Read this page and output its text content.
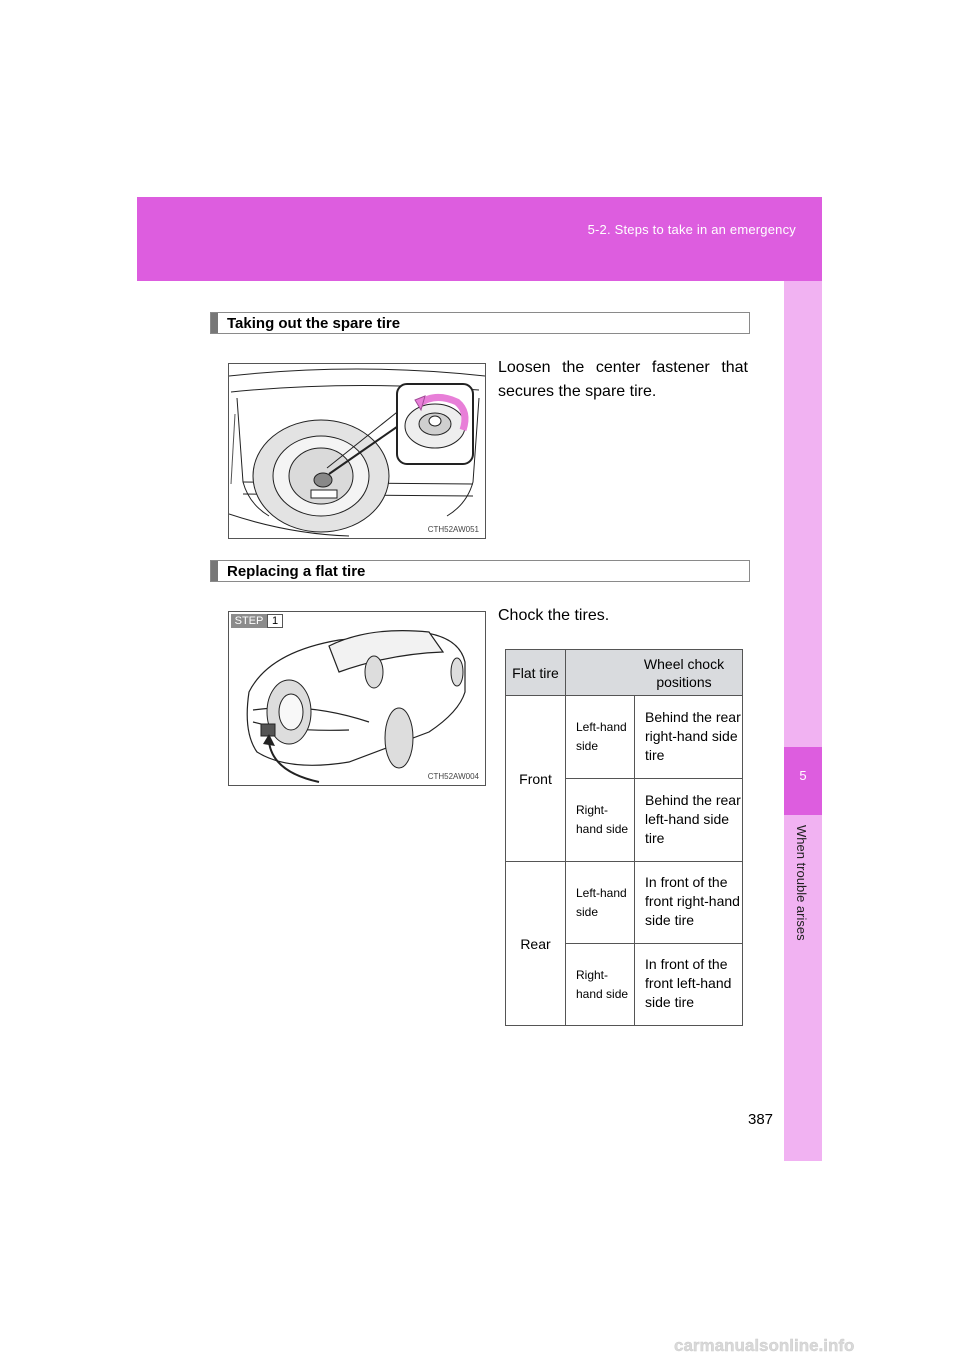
5-2. Steps to take in an emergency
5
When trouble arises
Taking out the spare tire
CTH52AW051
Loosen the center fastener that secures the spare tire.
Replacing a flat tire
STEP 1
CTH52AW004
Chock the tires.
Flat tire	Wheel chock positions	

Front	Left-hand side	Behind the rear right-hand side tire
	Right-hand side	Behind the rear left-hand side tire
Rear	Left-hand side	In front of the front right-hand side tire
	Right-hand side	In front of the front left-hand side tire
387
carmanualsonline.info
